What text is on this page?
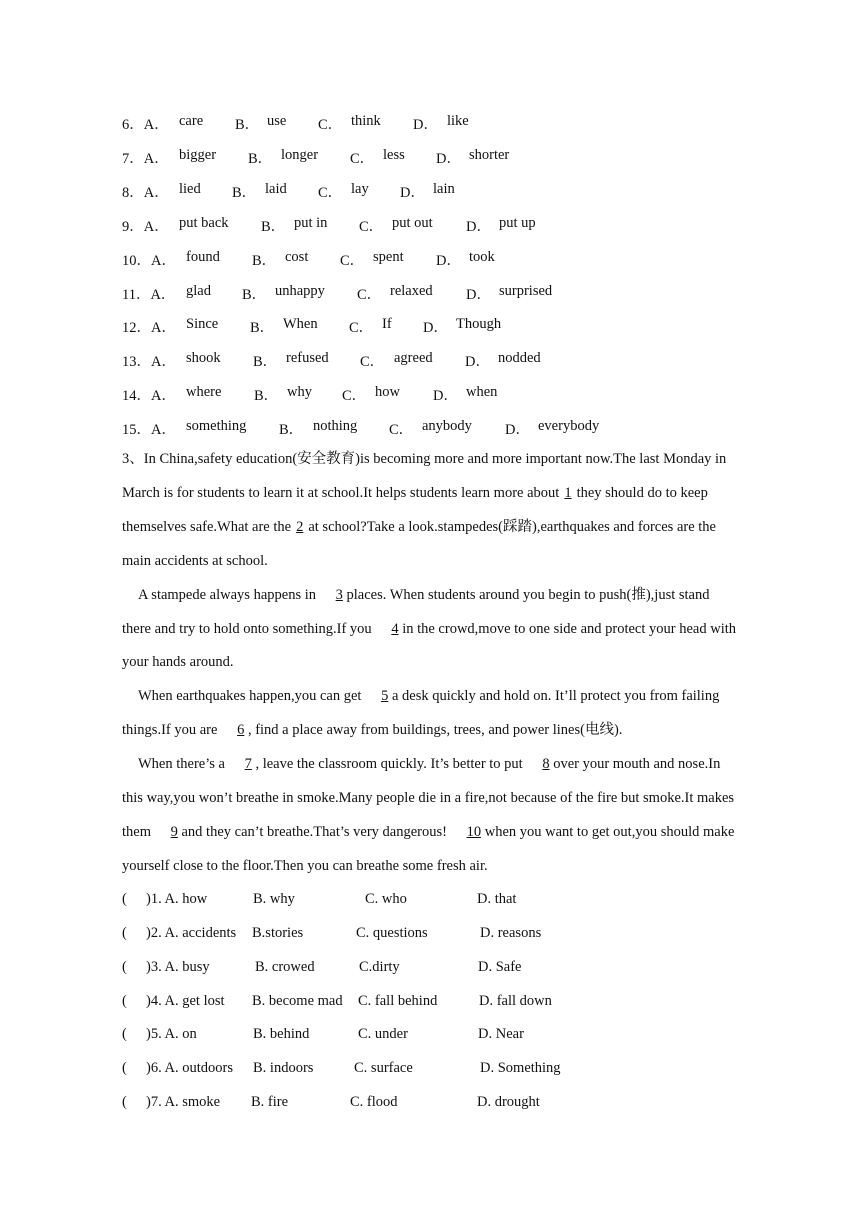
6．A． care B． use C． think D． like
7．A． bigger B． longer C． less D． shorter
8．A． lied B． laid C． lay D． lain
9．A． put back B． put in C． put out D． put up
10．A． found B． cost C． spent D． took
11．A． glad B． unhappy C． relaxed D． surprised
12．A． Since B． When C． If D． Though
13．A． shook B． refused C． agreed D． nodded
14．A． where B． why C． how D． when
15．A． something B． nothing C． anybody D． everybody

3、In China,safety education(安全教育)is becoming more and more important now.The last Monday in March is for students to learn it at school.It helps students learn more about 1 they should do to keep themselves safe.What are the 2 at school?Take a look.stampedes(踩踏),earthquakes and forces are the main accidents at school.

A stampede always happens in 3 places. When students around you begin to push(推),just stand there and try to hold onto something.If you 4 in the crowd,move to one side and protect your head with your hands around.

When earthquakes happen,you can get 5 a desk quickly and hold on. It’ll protect you from failing things.If you are 6 , find a place away from buildings, trees, and power lines(电线).

When there’s a 7 , leave the classroom quickly. It’s better to put 8 over your mouth and nose.In this way,you won’t breathe in smoke.Many people die in a fire,not because of the fire but smoke.It makes them 9 and they can’t breathe.That’s very dangerous! 10 when you want to get out,you should make yourself close to the floor.Then you can breathe some fresh air.

( )1. A. how	B. why	C. who	D. that
( )2. A. accidents B.stories	C. questions	D. reasons
( )3. A. busy	B. crowed	C.dirty	D. Safe
( )4. A. get lost B. become mad C. fall behind	D. fall down
( )5. A. on	B. behind	C. under	D. Near
( )6. A. outdoors B. indoors	C. surface	D. Something
( )7. A. smoke B. fire	C. flood	D. drought
